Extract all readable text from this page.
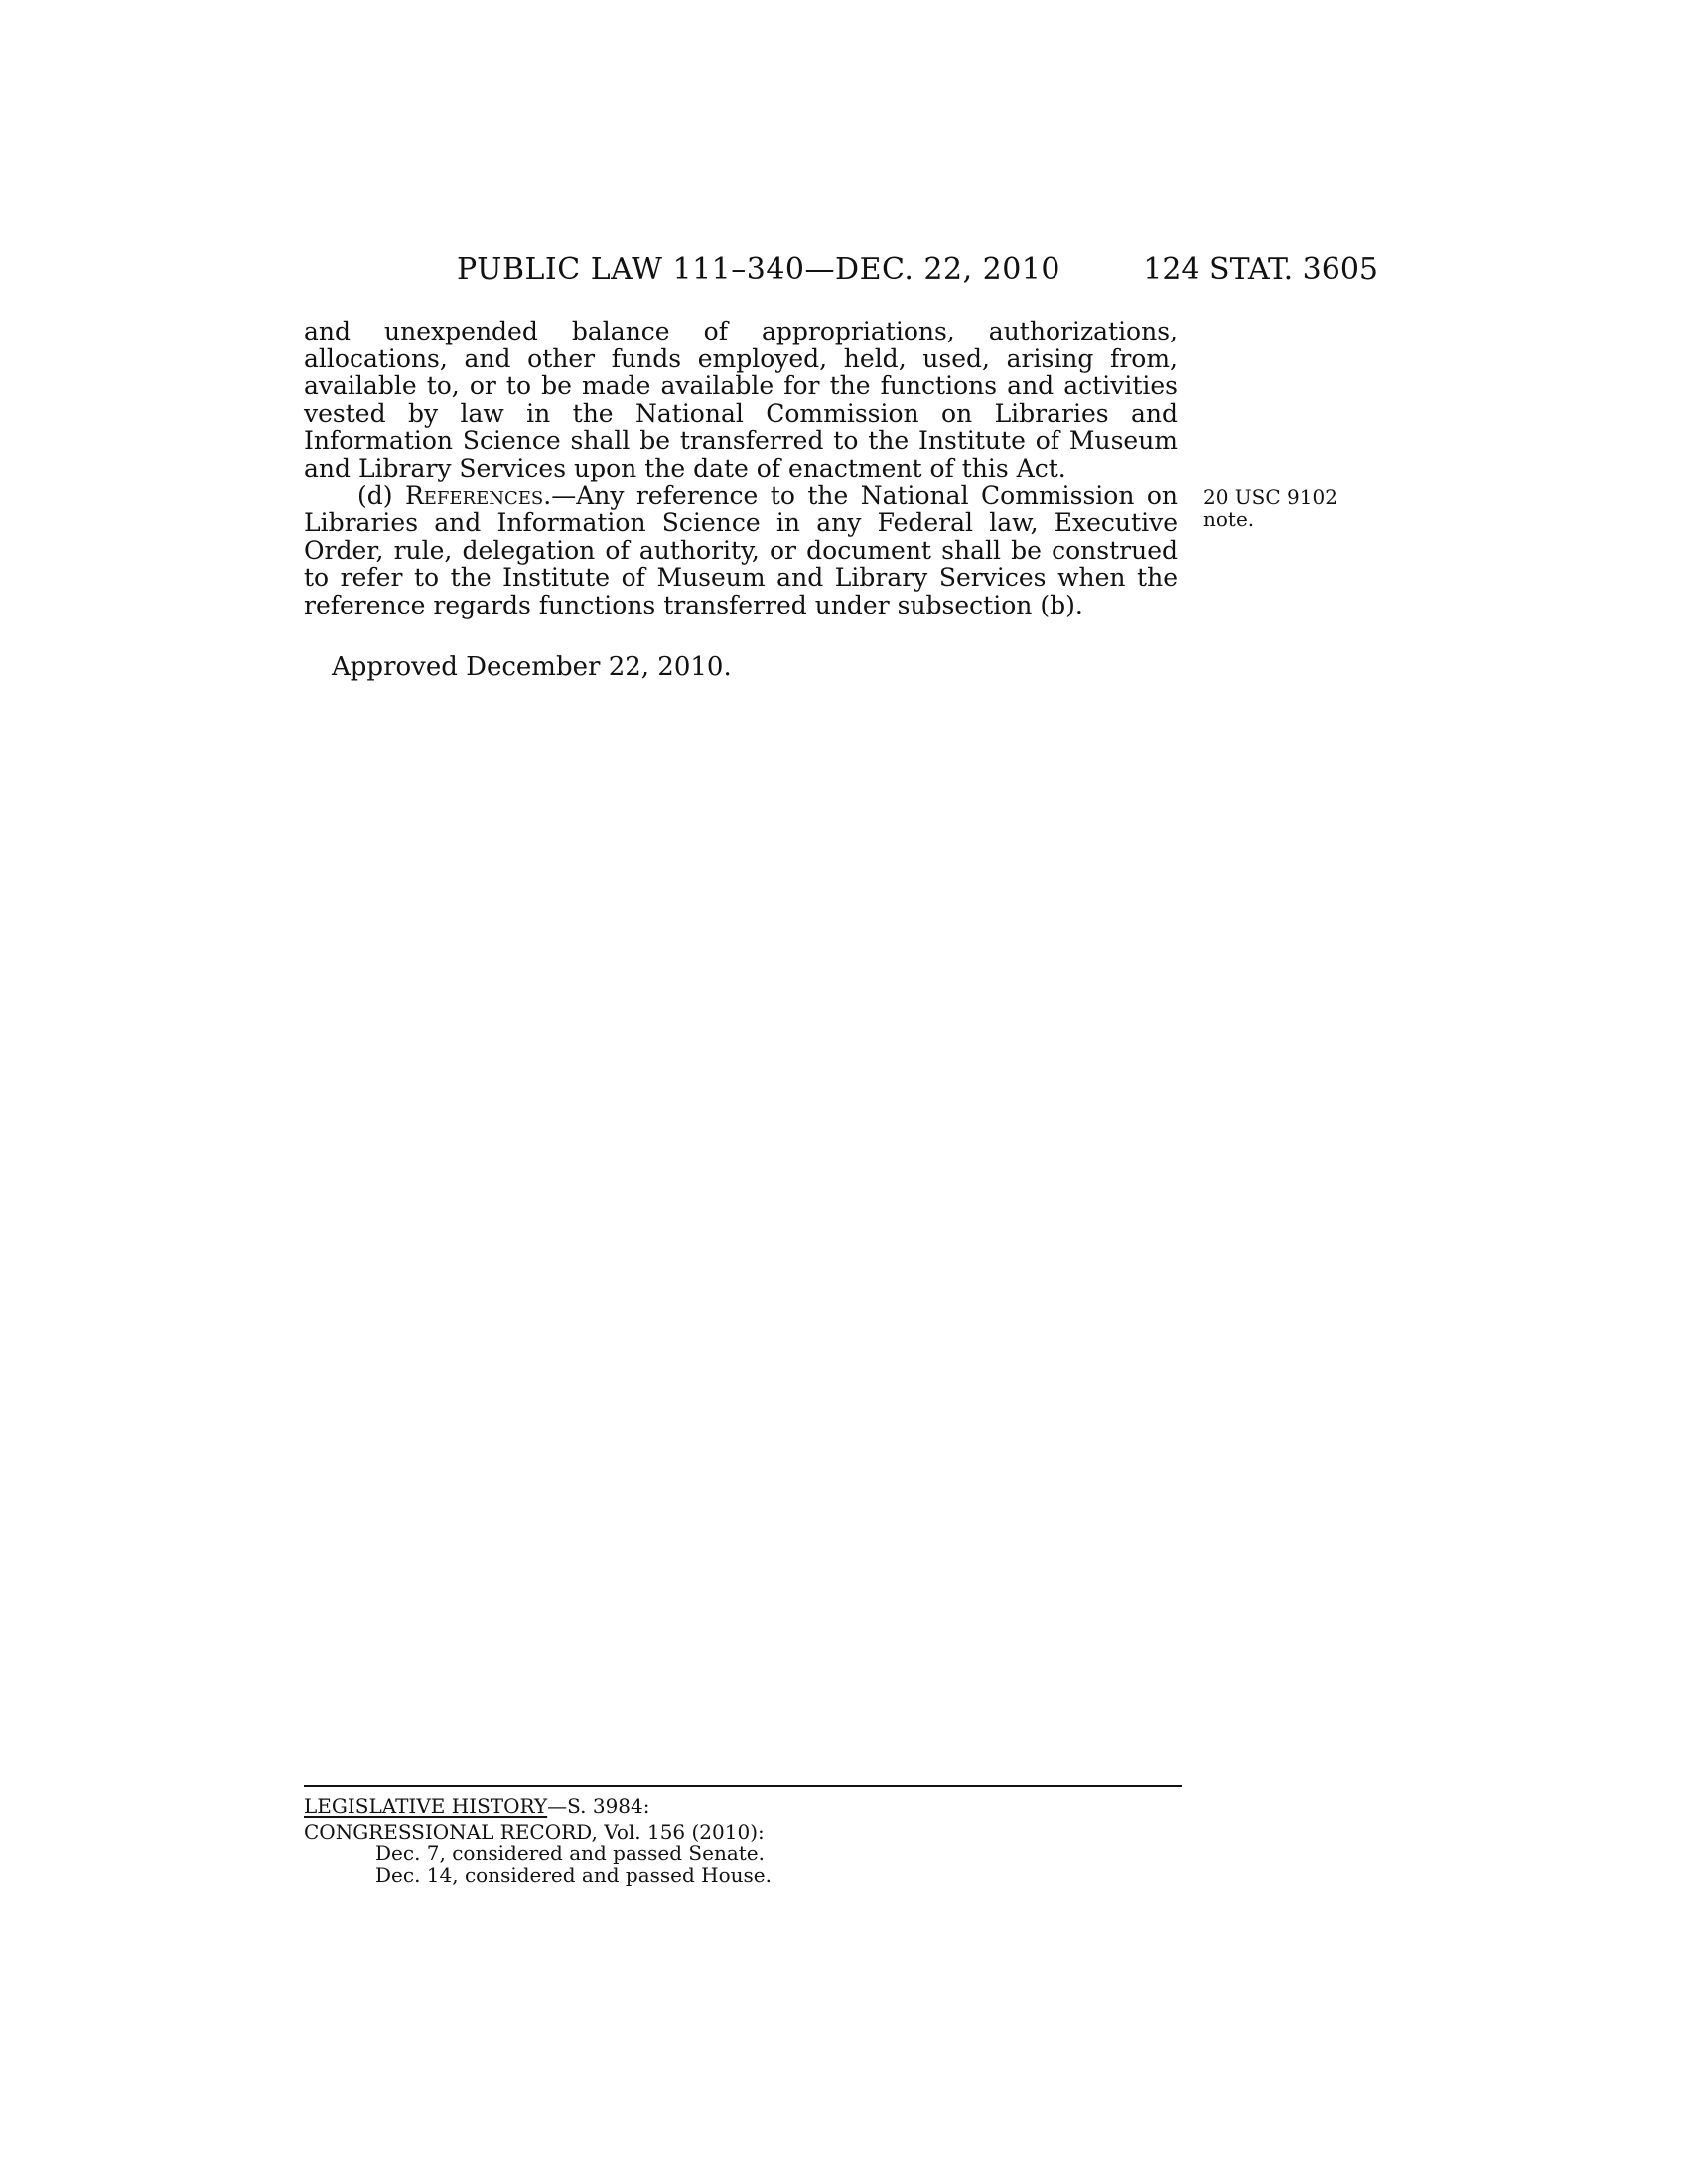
PUBLIC LAW 111–340—DEC. 22, 2010	124 STAT. 3605

and unexpended balance of appropriations, authorizations, allocations, and other funds employed, held, used, arising from, available to, or to be made available for the functions and activities vested by law in the National Commission on Libraries and Information Science shall be transferred to the Institute of Museum and Library Services upon the date of enactment of this Act.

(d) References.—Any reference to the National Commission on Libraries and Information Science in any Federal law, Executive Order, rule, delegation of authority, or document shall be construed to refer to the Institute of Museum and Library Services when the reference regards functions transferred under subsection (b).

20 USC 9102
note.
Approved December 22, 2010.
LEGISLATIVE HISTORY—S. 3984:
CONGRESSIONAL RECORD, Vol. 156 (2010):
Dec. 7, considered and passed Senate.
Dec. 14, considered and passed House.
